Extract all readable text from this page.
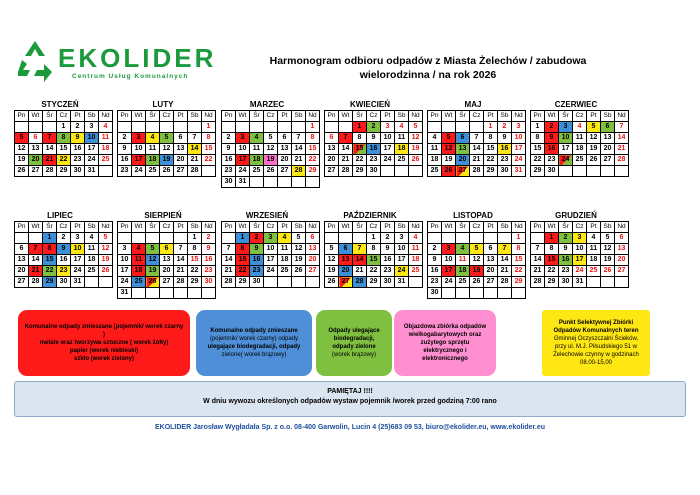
EKOLIDER
Centrum Usług Komunalnych
Harmonogram odbioru odpadów z Miasta Żelechów / zabudowa
wielorodzinna / na rok 2026
STYCZEŃ
Pn	Wt	Śr	Cz	Pt	Sb	Nd
			1	2	3	4
5	6	7	8	9	10	11
12	13	14	15	16	17	18
19	20	21	22	23	24	25
26	27	28	29	30	31	
LUTY
Pn	Wt	Śr	Cz	Pt	Sb	Nd
						1
2	3	4	5	6	7	8
9	10	11	12	13	14	15
16	17	18	19	20	21	22
23	24	25	26	27	28	
MARZEC
Pn	Wt	Śr	Cz	Pt	Sb	Nd
						1
2	3	4	5	6	7	8
9	10	11	12	13	14	15
16	17	18	19	20	21	22
23	24	25	26	27	28	29
30	31					
KWIECIEŃ
Pn	Wt	Śr	Cz	Pt	Sb	Nd
		1	2	3	4	5
6	7	8	9	10	11	12
13	14	15	16	17	18	19
20	21	22	23	24	25	26
27	28	29	30			
MAJ
Pn	Wt	Śr	Cz	Pt	Sb	Nd
				1	2	3
4	5	6	7	8	9	10
11	12	13	14	15	16	17
18	19	20	21	22	23	24
25	26	27	28	29	30	31
CZERWIEC
Pn	Wt	Śr	Cz	Pt	Sb	Nd
1	2	3	4	5	6	7
8	9	10	11	12	13	14
15	16	17	18	19	20	21
22	23	24	25	26	27	28
29	30					
LIPIEC
Pn	Wt	Śr	Cz	Pt	Sb	Nd
		1	2	3	4	5
6	7	8	9	10	11	12
13	14	15	16	17	18	19
20	21	22	23	24	25	26
27	28	29	30	31		
SIERPIEŃ
Pn	Wt	Śr	Cz	Pt	Sb	Nd
					1	2
3	4	5	6	7	8	9
10	11	12	13	14	15	16
17	18	19	20	21	22	23
24	25	26	27	28	29	30
31						
WRZESIEŃ
Pn	Wt	Śr	Cz	Pt	Sb	Nd
	1	2	3	4	5	6
7	8	9	10	11	12	13
14	15	16	17	18	19	20
21	22	23	24	25	26	27
28	29	30				
PAŹDZIERNIK
Pn	Wt	Śr	Cz	Pt	Sb	Nd
			1	2	3	4
5	6	7	8	9	10	11
12	13	14	15	16	17	18
19	20	21	22	23	24	25
26	27	28	29	30	31	
LISTOPAD
Pn	Wt	Śr	Cz	Pt	Sb	Nd
						1
2	3	4	5	6	7	8
9	10	11	12	13	14	15
16	17	18	19	20	21	22
23	24	25	26	27	28	29
30						
GRUDZIEŃ
Pn	Wt	Śr	Cz	Pt	Sb	Nd
	1	2	3	4	5	6
7	8	9	10	11	12	13
14	15	16	17	18	19	20
21	22	23	24	25	26	27
28	29	30	31			
Komunalne odpady zmieszane (pojemnik/ worek czarny )
metale oraz tworzywa sztuczne ( worek żółty)
papier (worek niebieski)
szkło (worek zielony)
Komunalne odpady zmieszane
(pojemnik/ worek czarny) odpady
ulegające biodegradacji, odpady
zielone( worek brązowy)
Odpady ulegające
biodegradacji,
odpady zielone
(worek brązowy)
Objazdowa zbiórka odpadów
wielkogabarytowych oraz
zużytego sprzętu
elektrycznego i
elektronicznego
Punkt Selektywnej Zbiórki
Odpadów Komunalnych teren
Gminnej Oczyszczalni Ścieków,
przy ul. M.J. Piłsudskiego 51 w
Żelechowie czynny w godzinach
08.00-15,00
PAMIĘTAJ !!!!
W dniu wywozu określonych odpadów wystaw pojemnik /worek przed godziną 7:00 rano
EKOLIDER Jarosław Wygładała Sp. z o.o. 08-400 Garwolin, Lucin 4 (25)683 09 53, biuro@ekolider.eu, www.ekolider.eu
